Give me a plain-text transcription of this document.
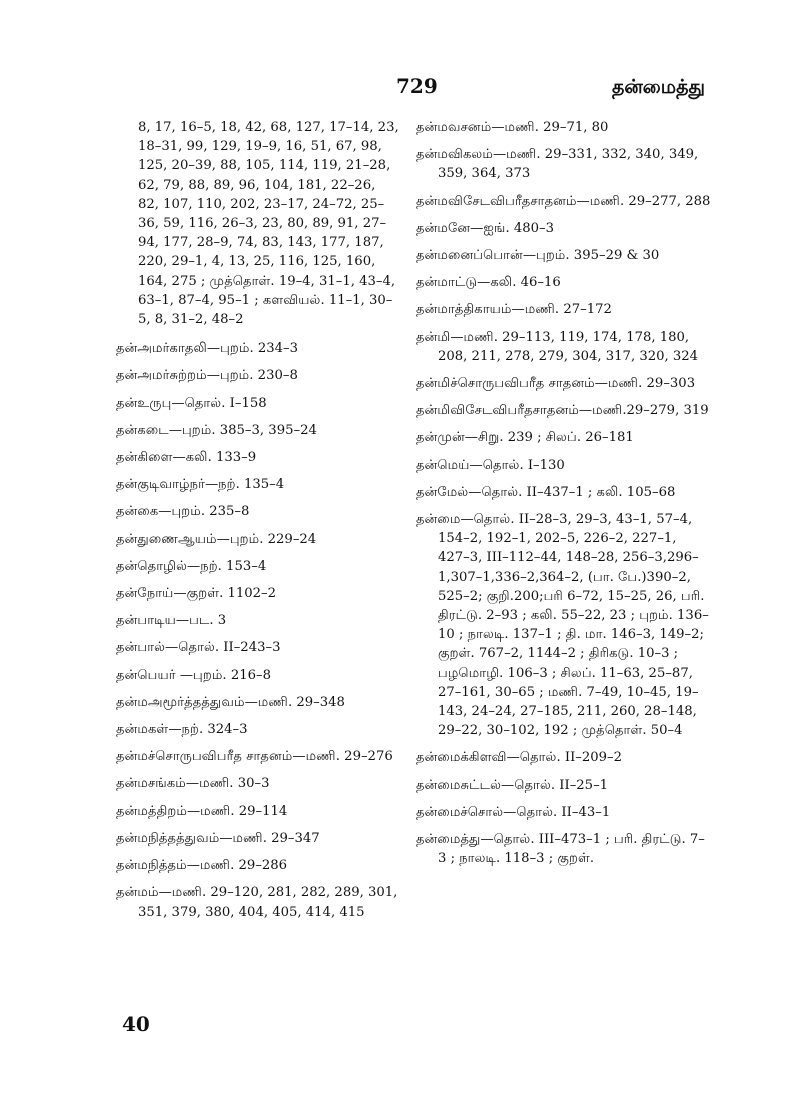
729	தன்மைத்து

8, 17, 16–5, 18, 42, 68, 127, 17–14, 23, 18–31, 99, 129, 19–9, 16, 51, 67, 98, 125, 20–39, 88, 105, 114, 119, 21–28, 62, 79, 88, 89, 96, 104, 181, 22–26, 82, 107, 110, 202, 23–17, 24–72, 25–36, 59, 116, 26–3, 23, 80, 89, 91, 27–94, 177, 28–9, 74, 83, 143, 177, 187, 220, 29–1, 4, 13, 25, 116, 125, 160, 164, 275 ; முத்தொள். 19–4, 31–1, 43–4, 63–1, 87–4, 95–1 ; களவியல். 11–1, 30–5, 8, 31–2, 48–2

தன்அமர்காதலி—புறம். 234–3

தன்அமர்சுற்றம்—புறம். 230–8

தன்உருபு—தொல். I–158

தன்கடை—புறம். 385–3, 395–24

தன்கிளை—கலி. 133–9

தன்குடிவாழ்நர்—நற். 135–4

தன்கை—புறம். 235–8

தன்துணைஆயம்—புறம். 229–24

தன்தொழில்—நற். 153–4

தன்நோய்—குறள். 1102–2

தன்பாடிய—பட. 3

தன்பால்—தொல். II–243–3

தன்பெயர் —புறம். 216–8

தன்மஅமூர்த்தத்துவம்—மணி. 29–348

தன்மகள்—நற். 324–3

தன்மச்சொருபவிபரீத சாதனம்—மணி. 29–276

தன்மசங்கம்—மணி. 30–3

தன்மத்திறம்—மணி. 29–114

தன்மநித்தத்துவம்—மணி. 29–347

தன்மநித்தம்—மணி. 29–286

தன்மம்—மணி. 29–120, 281, 282, 289, 301, 351, 379, 380, 404, 405, 414, 415

தன்மவசனம்—மணி. 29–71, 80

தன்மவிகலம்—மணி. 29–331, 332, 340, 349, 359, 364, 373

தன்மவிசேடவிபரீதசாதனம்—மணி. 29–277, 288

தன்மனே—ஐங். 480–3

தன்மனைப்பொன்—புறம். 395–29 & 30

தன்மாட்டு—கலி. 46–16

தன்மாத்திகாயம்—மணி. 27–172

தன்மி—மணி. 29–113, 119, 174, 178, 180, 208, 211, 278, 279, 304, 317, 320, 324

தன்மிச்சொருபவிபரீத சாதனம்—மணி. 29–303

தன்மிவிசேடவிபரீதசாதனம்—மணி.29–279, 319

தன்முன்—சிறு. 239 ; சிலப். 26–181

தன்மெய்—தொல். I–130

தன்மேல்—தொல். II–437–1 ; கலி. 105–68

தன்மை—தொல். II–28–3, 29–3, 43–1, 57–4, 154–2, 192–1, 202–5, 226–2, 227–1, 427–3, III–112–44, 148–28, 256–3,296–1,307–1,336–2,364–2, (பா. பே.)390–2, 525–2; குறி.200;பரி 6–72, 15–25, 26, பரி. திரட்டு. 2–93 ; கலி. 55–22, 23 ; புறம். 136–10 ; நாலடி. 137–1 ; தி. மா. 146–3, 149–2; குறள். 767–2, 1144–2 ; திரிகடு. 10–3 ; பழமொழி. 106–3 ; சிலப். 11–63, 25–87, 27–161, 30–65 ; மணி. 7–49, 10–45, 19–143, 24–24, 27–185, 211, 260, 28–148, 29–22, 30–102, 192 ; முத்தொள். 50–4

தன்மைக்கிளவி—தொல். II–209–2

தன்மைசுட்டல்—தொல். II–25–1

தன்மைச்சொல்—தொல். II–43–1

தன்மைத்து—தொல். III–473–1 ; பரி. திரட்டு. 7–3 ; நாலடி. 118–3 ; குறள்.

40
